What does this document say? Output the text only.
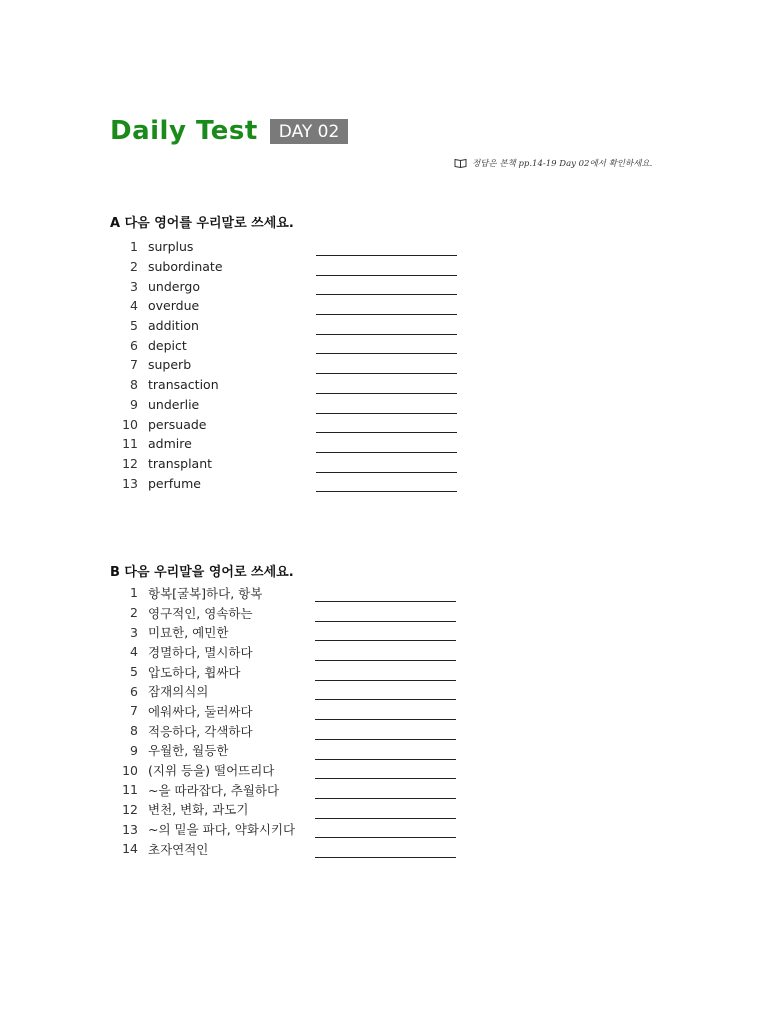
Daily Test	DAY 02
정답은 본책 pp.14-19 Day 02에서 확인하세요.
A 다음 영어를 우리말로 쓰세요.
1 surplus
2 subordinate
3 undergo
4 overdue
5 addition
6 depict
7 superb
8 transaction
9 underlie
10 persuade
11 admire
12 transplant
13 perfume
B 다음 우리말을 영어로 쓰세요.
1 항복[굴복]하다, 항복
2 영구적인, 영속하는
3 미묘한, 예민한
4 경멸하다, 멸시하다
5 압도하다, 휩싸다
6 잠재의식의
7 에워싸다, 둘러싸다
8 적응하다, 각색하다
9 우월한, 월등한
10 (지위 등을) 떨어뜨리다
11 ~을 따라잡다, 추월하다
12 변천, 변화, 과도기
13 ~의 밑을 파다, 약화시키다
14 초자연적인
